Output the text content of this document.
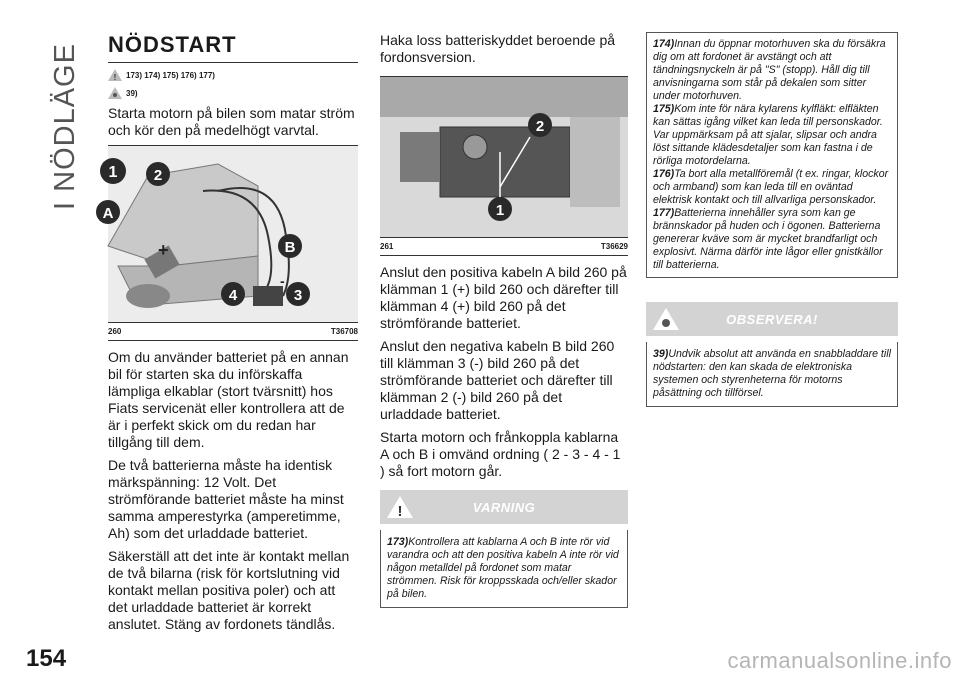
I NÖDLÄGE NÖDSTART
! 173) 174) 175) 176) 177)
39)

Starta motorn på bilen som matar ström och kör den på medelhögt varvtal.

1 2
A
B
4	3
+
-
260	T36708

Om du använder batteriet på en annan bil för starten ska du införskaffa lämpliga elkablar (stort tvärsnitt) hos Fiats servicenät eller kontrollera att de är i perfekt skick om du redan har tillgång till dem.

De två batterierna måste ha identisk märkspänning: 12 Volt. Det strömförande batteriet måste ha minst samma amperestyrka (amperetimme, Ah) som det urladdade batteriet.

Säkerställ att det inte är kontakt mellan de två bilarna (risk för kortslutning vid kontakt mellan positiva poler) och att det urladdade batteriet är korrekt anslutet. Stäng av fordonets tändlås.

Haka loss batteriskyddet beroende på fordonsversion.

2
1
261	T36629

Anslut den positiva kabeln A bild 260 på klämman 1 (+) bild 260 och därefter till klämman 4 (+) bild 260 på det strömförande batteriet.

Anslut den negativa kabeln B bild 260 till klämman 3 (-) bild 260 på det strömförande batteriet och därefter till klämman 2 (-) bild 260 på det urladdade batteriet.

Starta motorn och frånkoppla kablarna A och B i omvänd ordning ( 2 - 3 - 4 - 1 ) så fort motorn går.

!	VARNING
173)Kontrollera att kablarna A och B inte rör vid varandra och att den positiva kabeln A inte rör vid någon metalldel på fordonet som matar strömmen. Risk för kroppsskada och/eller skador på bilen.

174)Innan du öppnar motorhuven ska du försäkra dig om att fordonet är avstängt och att tändningsnyckeln är på "S" (stopp). Håll dig till anvisningarna som står på dekalen som sitter under motorhuven.

175)Kom inte för nära kylarens kylfläkt: elfläkten kan sättas igång vilket kan leda till personskador. Var uppmärksam på att sjalar, slipsar och andra löst sittande klädesdetaljer som kan fastna i de rörliga motordelarna.

176)Ta bort alla metallföremål (t ex. ringar, klockor och armband) som kan leda till en oväntad elektrisk kontakt och till allvarliga personskador.

177)Batterierna innehåller syra som kan ge brännskador på huden och i ögonen. Batterierna genererar kväve som är mycket brandfarligt och explosivt. Närma därför inte lågor eller gnistkällor till batterierna.

OBSERVERA!

39)Undvik absolut att använda en snabbladdare till nödstarten: den kan skada de elektroniska systemen och styrenheterna för motorns påsättning och tillförsel.

154	carmanualsonline.info
